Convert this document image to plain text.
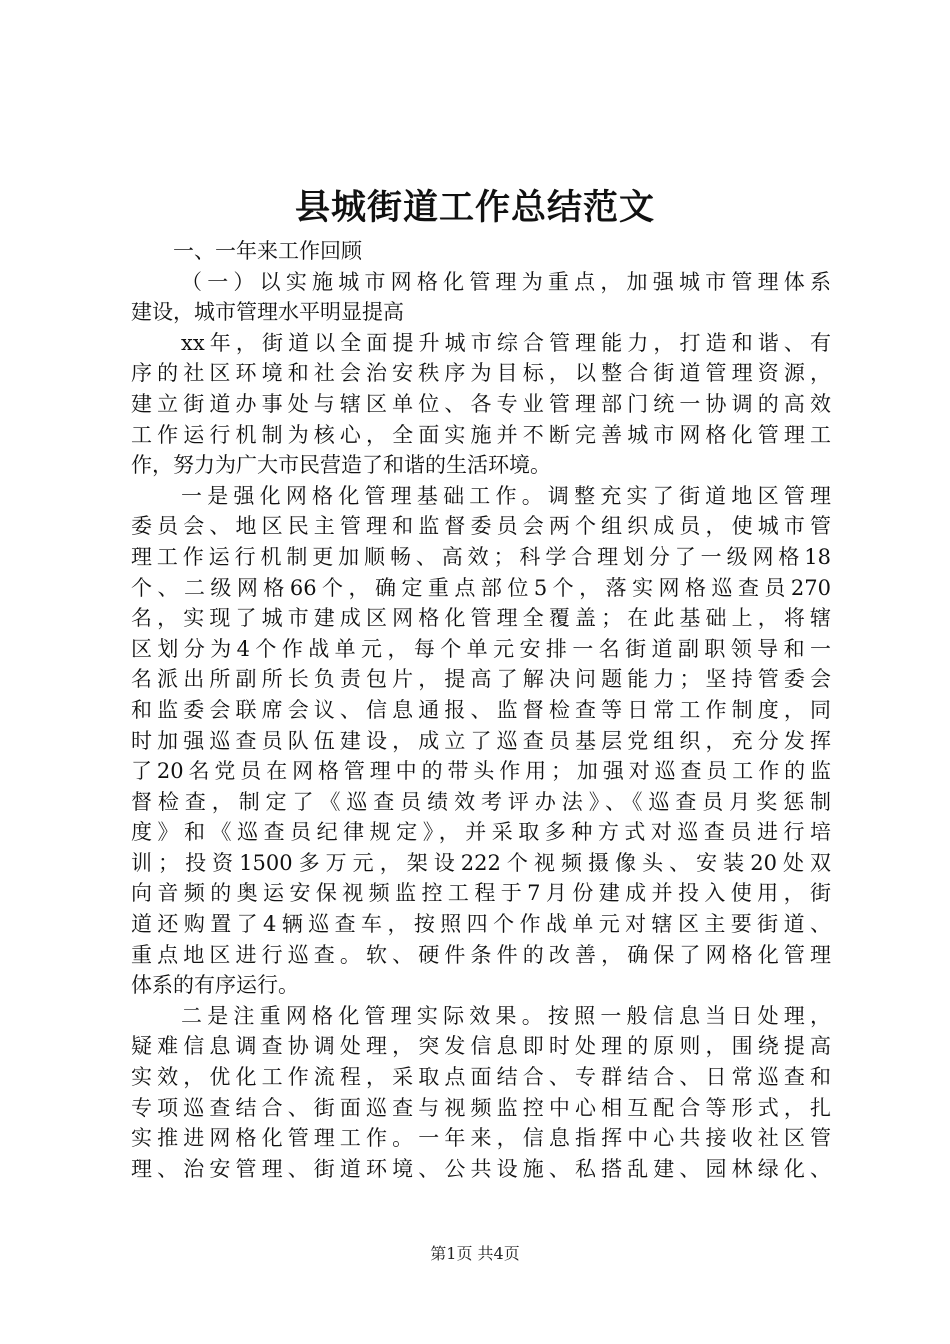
县城街道工作总结范文
一、一年来工作回顾
（一）以实施城市网格化管理为重点，加强城市管理体系
建设，城市管理水平明显提高
xx年，街道以全面提升城市综合管理能力，打造和谐、有
序的社区环境和社会治安秩序为目标，以整合街道管理资源，
建立街道办事处与辖区单位、各专业管理部门统一协调的高效
工作运行机制为核心，全面实施并不断完善城市网格化管理工
作，努力为广大市民营造了和谐的生活环境。
一是强化网格化管理基础工作。调整充实了街道地区管理
委员会、地区民主管理和监督委员会两个组织成员，使城市管
理工作运行机制更加顺畅、高效；科学合理划分了一级网格18
个、二级网格66个，确定重点部位5个，落实网格巡查员270
名，实现了城市建成区网格化管理全覆盖；在此基础上，将辖
区划分为4个作战单元，每个单元安排一名街道副职领导和一
名派出所副所长负责包片，提高了解决问题能力；坚持管委会
和监委会联席会议、信息通报、监督检查等日常工作制度，同
时加强巡查员队伍建设，成立了巡查员基层党组织，充分发挥
了20名党员在网格管理中的带头作用；加强对巡查员工作的监
督检查，制定了《巡查员绩效考评办法》、《巡查员月奖惩制
度》和《巡查员纪律规定》，并采取多种方式对巡查员进行培
训；投资1500多万元，架设222个视频摄像头、安装20处双
向音频的奥运安保视频监控工程于7月份建成并投入使用，街
道还购置了4辆巡查车，按照四个作战单元对辖区主要街道、
重点地区进行巡查。软、硬件条件的改善，确保了网格化管理
体系的有序运行。
二是注重网格化管理实际效果。按照一般信息当日处理，
疑难信息调查协调处理，突发信息即时处理的原则，围绕提高
实效，优化工作流程，采取点面结合、专群结合、日常巡查和
专项巡查结合、街面巡查与视频监控中心相互配合等形式，扎
实推进网格化管理工作。一年来，信息指挥中心共接收社区管
理、治安管理、街道环境、公共设施、私搭乱建、园林绿化、
第1页 共4页
